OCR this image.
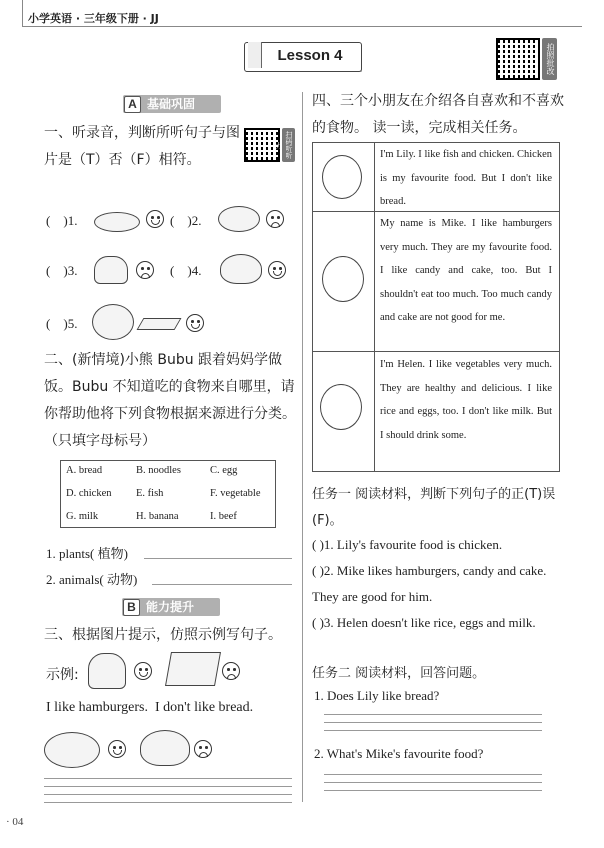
小学英语 · 三年级下册 · JJ
Lesson 4	拍照批改
基础巩固
A
一、听录音，判断所听句子与图片是（T）否（F）相符。
扫码听听力
( )1.	( )2.
( )3.	( )4.
( )5.
二、(新情境)小熊 Bubu 跟着妈妈学做饭。Bubu 不知道吃的食物来自哪里，请你帮助他将下列食物根据来源进行分类。（只填字母标号）
A. bread	B. noodles	C. egg
D. chicken E. fish	F. vegetable
G. milk	H. banana	I. beef
1. plants( 植物)
2. animals( 动物)
能力提升
B
三、根据图片提示，仿照示例写句子。
示例:
I like hamburgers.  I don't like bread.
四、三个小朋友在介绍各自喜欢和不喜欢的食物。 读一读，完成相关任务。
I'm Lily. I like fish and chicken. Chicken is my favourite food. But I don't like bread.
My name is Mike. I like hamburgers very much. They are my favourite food. I like candy and cake, too. But I shouldn't eat too much. Too much candy and cake are not good for me.
I'm Helen. I like vegetables very much. They are healthy and delicious. I like rice and eggs, too. I don't like milk. But I should drink some.
任务一 阅读材料，判断下列句子的正(T)误(F)。
( )1. Lily's favourite food is chicken.
( )2. Mike likes hamburgers, candy and cake. They are good for him.
( )3. Helen doesn't like rice, eggs and milk.
任务二 阅读材料，回答问题。
1. Does Lily like bread?
2. What's Mike's favourite food?
· 04
